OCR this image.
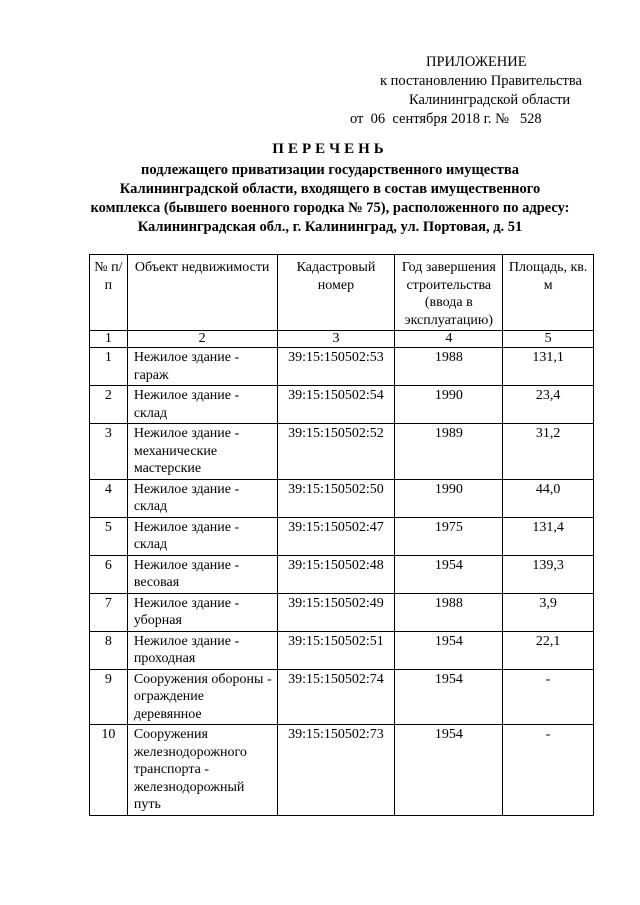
ПРИЛОЖЕНИЕ
к постановлению Правительства
Калининградской области
от  06  сентября 2018 г. №   528
ПЕРЕЧЕНЬ
подлежащего приватизации государственного имущества
Калининградской области, входящего в состав имущественного
комплекса (бывшего военного городка № 75), расположенного по адресу:
Калининградская обл., г. Калининград, ул. Портовая, д. 51
№ п/п	Объект недвижимости	Кадастровый номер	Год завершения строительства (ввода в эксплуатацию)	Площадь, кв. м
1	2	3	4	5
1	Нежилое здание - гараж	39:15:150502:53	1988	131,1
2	Нежилое здание - склад	39:15:150502:54	1990	23,4
3	Нежилое здание - механические мастерские	39:15:150502:52	1989	31,2
4	Нежилое здание - склад	39:15:150502:50	1990	44,0
5	Нежилое здание - склад	39:15:150502:47	1975	131,4
6	Нежилое здание - весовая	39:15:150502:48	1954	139,3
7	Нежилое здание - уборная	39:15:150502:49	1988	3,9
8	Нежилое здание - проходная	39:15:150502:51	1954	22,1
9	Сооружения обороны - ограждение деревянное	39:15:150502:74	1954	-
10	Сооружения железнодорожного транспорта - железнодорожный путь	39:15:150502:73	1954	-
